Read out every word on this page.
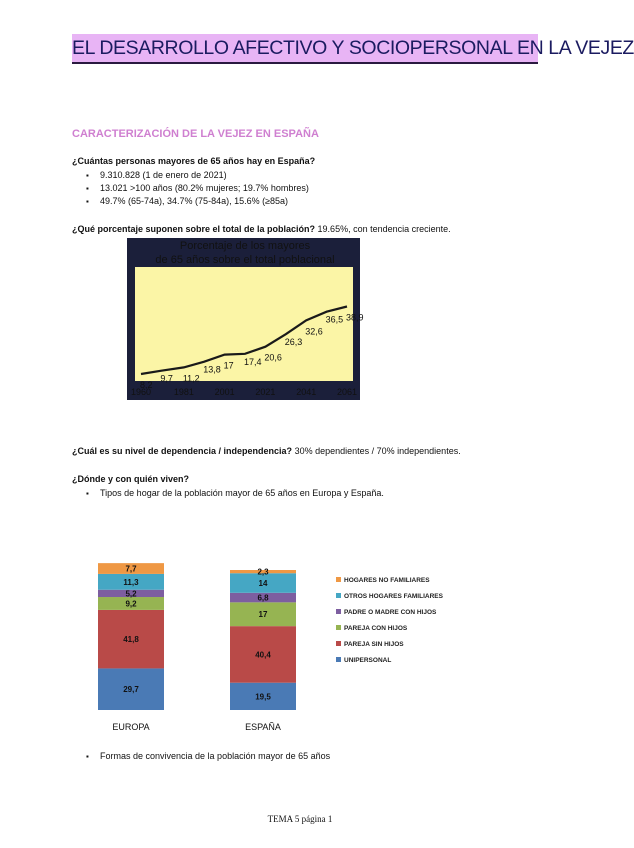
EL DESARROLLO AFECTIVO Y SOCIOPERSONAL EN LA VEJEZ
CARACTERIZACIÓN DE LA VEJEZ EN ESPAÑA
¿Cuántas personas mayores de 65 años hay en España?
▪ 9.310.828 (1 de enero de 2021)
▪ 13.021 >100 años (80.2% mujeres; 19.7% hombres)
▪ 49.7% (65-74a), 34.7% (75-84a), 15.6% (≥85a)
¿Qué porcentaje suponen sobre el total de la población? 19.65%, con tendencia creciente.
Porcentaje de los mayores
de 65 años sobre el total poblacional
8,2
9,7 11,2
13,8 17 17,4 20,6
26,3
32,6
36,5 38,9
1960	1981 2001 2021 2041 2061
¿Cuál es su nivel de dependencia / independencia? 30% dependientes / 70% independientes.
¿Dónde y con quién viven?
▪ Tipos de hogar de la población mayor de 65 años en Europa y España.
29,7
41,8
9,2
5,2
11,3
7,7
EUROPA
19,5
40,4
17
6,8
14
2,3
ESPAÑA
HOGARES NO FAMILIARES
OTROS HOGARES FAMILIARES
PADRE O MADRE CON HIJOS
PAREJA CON HIJOS
PAREJA SIN HIJOS
UNIPERSONAL
▪ Formas de convivencia de la población mayor de 65 años
TEMA 5 página 1
